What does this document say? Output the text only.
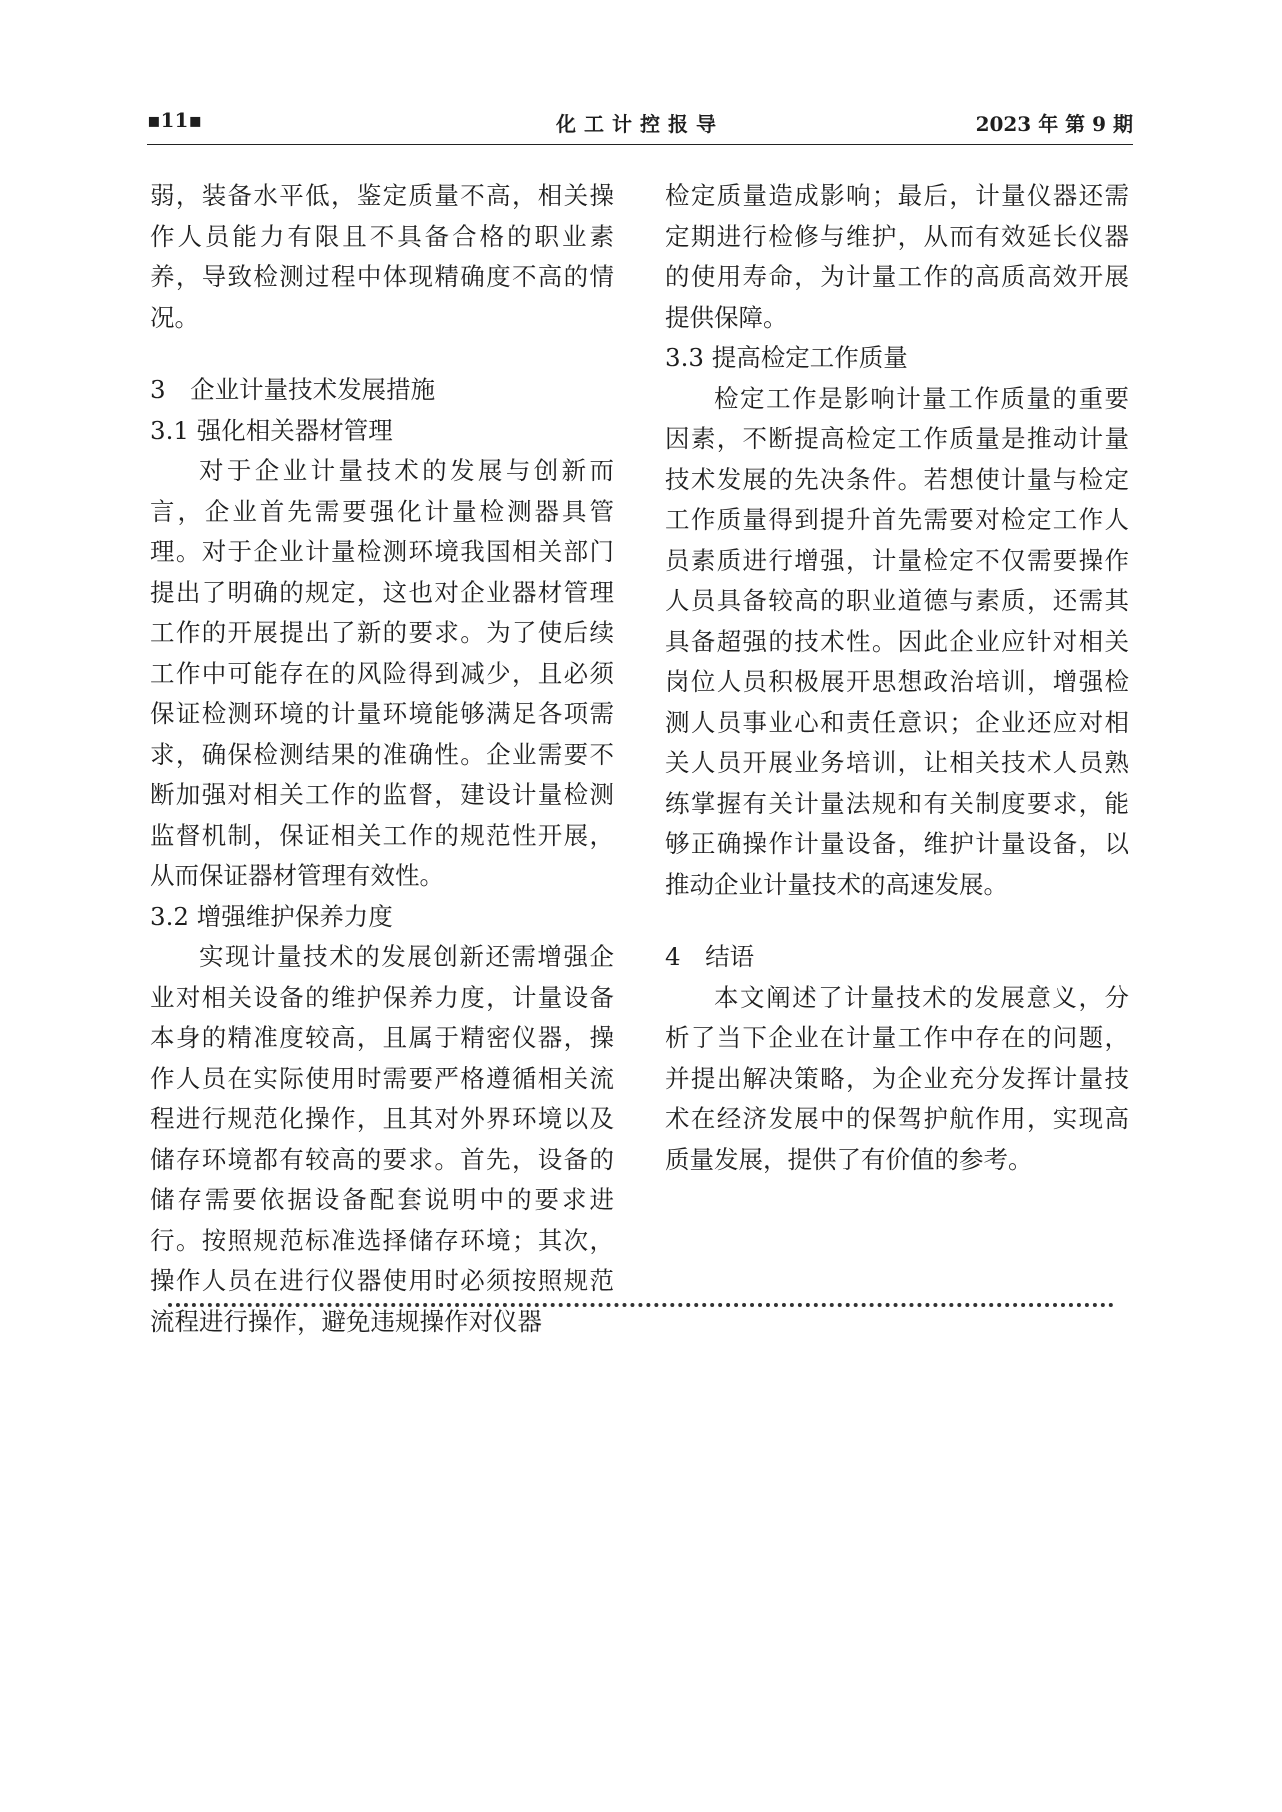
▪11▪	化工计控报导	2023 年 第 9 期

弱，装备水平低，鉴定质量不高，相关操作人员能力有限且不具备合格的职业素养，导致检测过程中体现精确度不高的情况。

3　企业计量技术发展措施
3.1 强化相关器材管理

对于企业计量技术的发展与创新而言，企业首先需要强化计量检测器具管理。对于企业计量检测环境我国相关部门提出了明确的规定，这也对企业器材管理工作的开展提出了新的要求。为了使后续工作中可能存在的风险得到减少，且必须保证检测环境的计量环境能够满足各项需求，确保检测结果的准确性。企业需要不断加强对相关工作的监督，建设计量检测监督机制，保证相关工作的规范性开展，从而保证器材管理有效性。

3.2 增强维护保养力度

实现计量技术的发展创新还需增强企业对相关设备的维护保养力度，计量设备本身的精准度较高，且属于精密仪器，操作人员在实际使用时需要严格遵循相关流程进行规范化操作，且其对外界环境以及储存环境都有较高的要求。首先，设备的储存需要依据设备配套说明中的要求进行。按照规范标准选择储存环境；其次，操作人员在进行仪器使用时必须按照规范流程进行操作，避免违规操作对仪器

检定质量造成影响；最后，计量仪器还需定期进行检修与维护，从而有效延长仪器的使用寿命，为计量工作的高质高效开展提供保障。

3.3 提高检定工作质量

检定工作是影响计量工作质量的重要因素，不断提高检定工作质量是推动计量技术发展的先决条件。若想使计量与检定工作质量得到提升首先需要对检定工作人员素质进行增强，计量检定不仅需要操作人员具备较高的职业道德与素质，还需其具备超强的技术性。因此企业应针对相关岗位人员积极展开思想政治培训，增强检测人员事业心和责任意识；企业还应对相关人员开展业务培训，让相关技术人员熟练掌握有关计量法规和有关制度要求，能够正确操作计量设备，维护计量设备，以推动企业计量技术的高速发展。

4　结语

本文阐述了计量技术的发展意义，分析了当下企业在计量工作中存在的问题，并提出解决策略，为企业充分发挥计量技术在经济发展中的保驾护航作用，实现高质量发展，提供了有价值的参考。
